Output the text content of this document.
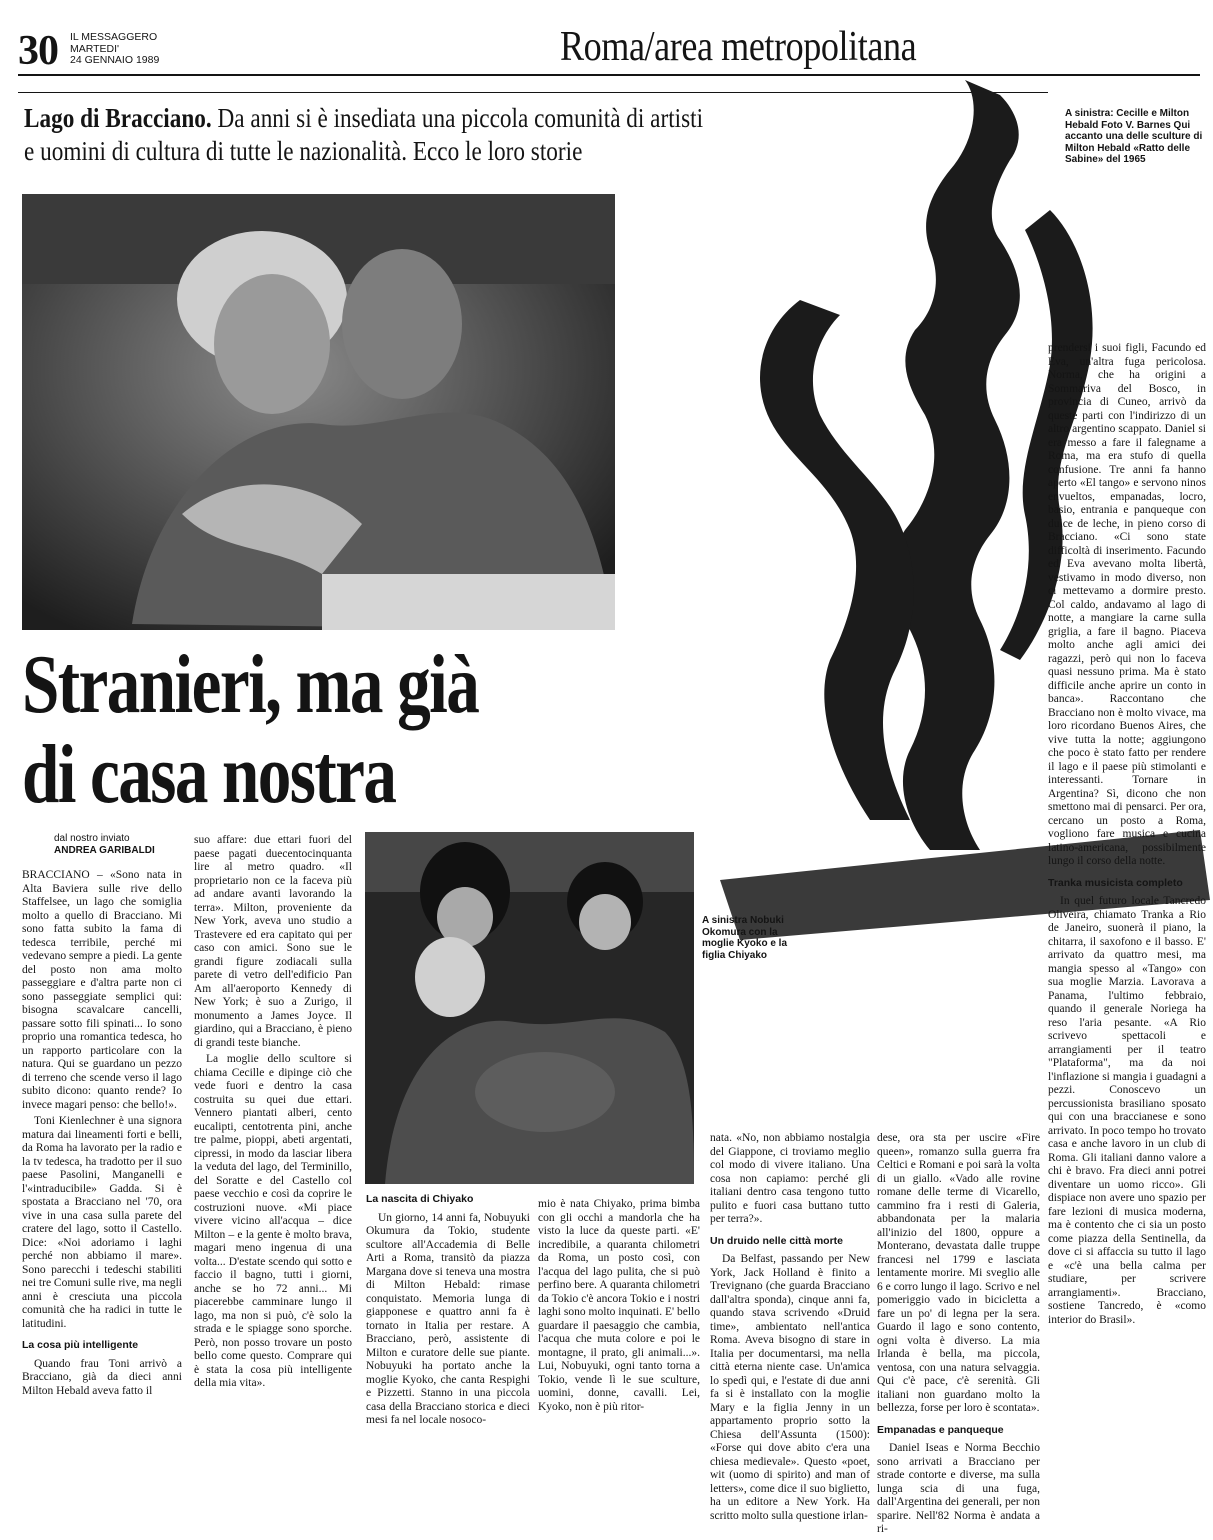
30 IL MESSAGGERO
MARTEDI'
24 GENNAIO 1989	Roma/area metropolitana
Lago di Bracciano. Da anni si è insediata una piccola comunità di artisti e uomini di cultura di tutte le nazionalità. Ecco le loro storie
A sinistra: Cecille e Milton Hebald Foto V. Barnes Qui accanto una delle sculture di Milton Hebald «Ratto delle Sabine» del 1965
Stranieri, ma già
di casa nostra
dal nostro inviato
ANDREA GARIBALDI
A sinistra Nobuki Okomura con la moglie Kyoko e la figlia Chiyako

BRACCIANO – «Sono nata in Alta Baviera sulle rive dello Staffelsee, un lago che somiglia molto a quello di Bracciano. Mi sono fatta subito la fama di tedesca terribile, perché mi vedevano sempre a piedi. La gente del posto non ama molto passeggiare e d'altra parte non ci sono passeggiate semplici qui: bisogna scavalcare cancelli, passare sotto fili spinati... Io sono proprio una romantica tedesca, ho un rapporto particolare con la natura. Qui se guardano un pezzo di terreno che scende verso il lago subito dicono: quanto rende? Io invece magari penso: che bello!».

Toni Kienlechner è una signora matura dai lineamenti forti e belli, da Roma ha lavorato per la radio e la tv tedesca, ha tradotto per il suo paese Pasolini, Manganelli e l'«intraducibile» Gadda. Si è spostata a Bracciano nel '70, ora vive in una casa sulla parete del cratere del lago, sotto il Castello. Dice: «Noi adoriamo i laghi perché non abbiamo il mare». Sono parecchi i tedeschi stabiliti nei tre Comuni sulle rive, ma negli anni è cresciuta una piccola comunità che ha radici in tutte le latitudini.

La cosa più intelligente

Quando frau Toni arrivò a Bracciano, già da dieci anni Milton Hebald aveva fatto il

suo affare: due ettari fuori del paese pagati duecentocinquanta lire al metro quadro. «Il proprietario non ce la faceva più ad andare avanti lavorando la terra». Milton, proveniente da New York, aveva uno studio a Trastevere ed era capitato qui per caso con amici. Sono sue le grandi figure zodiacali sulla parete di vetro dell'edificio Pan Am all'aeroporto Kennedy di New York; è suo a Zurigo, il monumento a James Joyce. Il giardino, qui a Bracciano, è pieno di grandi teste bianche.

La moglie dello scultore si chiama Cecille e dipinge ciò che vede fuori e dentro la casa costruita su quei due ettari. Vennero piantati alberi, cento eucalipti, centotrenta pini, anche tre palme, pioppi, abeti argentati, cipressi, in modo da lasciar libera la veduta del lago, del Terminillo, del Soratte e del Castello col paese vecchio e così da coprire le costruzioni nuove. «Mi piace vivere vicino all'acqua – dice Milton – e la gente è molto brava, magari meno ingenua di una volta... D'estate scendo qui sotto e faccio il bagno, tutti i giorni, anche se ho 72 anni... Mi piacerebbe camminare lungo il lago, ma non si può, c'è solo la strada e le spiagge sono sporche. Però, non posso trovare un posto bello come questo. Comprare qui è stata la cosa più intelligente della mia vita».

La nascita di Chiyako

Un giorno, 14 anni fa, Nobuyuki Okumura da Tokio, studente scultore all'Accademia di Belle Arti a Roma, transitò da piazza Margana dove si teneva una mostra di Milton Hebald: rimase conquistato. Memoria lunga di giapponese e quattro anni fa è tornato in Italia per restare. A Bracciano, però, assistente di Milton e curatore delle sue piante. Nobuyuki ha portato anche la moglie Kyoko, che canta Respighi e Pizzetti. Stanno in una piccola casa della Bracciano storica e dieci mesi fa nel locale nosoco-

mio è nata Chiyako, prima bimba con gli occhi a mandorla che ha visto la luce da queste parti. «E' incredibile, a quaranta chilometri da Roma, un posto così, con l'acqua del lago pulita, che si può perfino bere. A quaranta chilometri da Tokio c'è ancora Tokio e i nostri laghi sono molto inquinati. E' bello guardare il paesaggio che cambia, l'acqua che muta colore e poi le montagne, il prato, gli animali...». Lui, Nobuyuki, ogni tanto torna a Tokio, vende lì le sue sculture, uomini, donne, cavalli. Lei, Kyoko, non è più ritor-

nata. «No, non abbiamo nostalgia del Giappone, ci troviamo meglio col modo di vivere italiano. Una cosa non capiamo: perché gli italiani dentro casa tengono tutto pulito e fuori casa buttano tutto per terra?».

Un druido nelle città morte

Da Belfast, passando per New York, Jack Holland è finito a Trevignano (che guarda Bracciano dall'altra sponda), cinque anni fa, quando stava scrivendo «Druid time», ambientato nell'antica Roma. Aveva bisogno di stare in Italia per documentarsi, ma nella città eterna niente case. Un'amica lo spedì qui, e l'estate di due anni fa si è installato con la moglie Mary e la figlia Jenny in un appartamento proprio sotto la Chiesa dell'Assunta (1500): «Forse qui dove abito c'era una chiesa medievale». Questo «poet, wit (uomo di spirito) and man of letters», come dice il suo biglietto, ha un editore a New York. Ha scritto molto sulla questione irlan-

dese, ora sta per uscire «Fire queen», romanzo sulla guerra fra Celtici e Romani e poi sarà la volta di un giallo. «Vado alle rovine romane delle terme di Vicarello, cammino fra i resti di Galeria, abbandonata per la malaria all'inizio del 1800, oppure a Monterano, devastata dalle truppe francesi nel 1799 e lasciata lentamente morire. Mi sveglio alle 6 e corro lungo il lago. Scrivo e nel pomeriggio vado in bicicletta a fare un po' di legna per la sera. Guardo il lago e sono contento, ogni volta è diverso. La mia Irlanda è bella, ma piccola, ventosa, con una natura selvaggia. Qui c'è pace, c'è serenità. Gli italiani non guardano molto la bellezza, forse per loro è scontata».

Empanadas e panqueque

Daniel Iseas e Norma Becchio sono arrivati a Bracciano per strade contorte e diverse, ma sulla lunga scia di una fuga, dall'Argentina dei generali, per non sparire. Nell'82 Norma è andata a ri-

prendersi i suoi figli, Facundo ed Eva, un'altra fuga pericolosa. Norma, che ha origini a Sommariva del Bosco, in provincia di Cuneo, arrivò da queste parti con l'indirizzo di un altro argentino scappato. Daniel si era messo a fare il falegname a Roma, ma era stufo di quella confusione. Tre anni fa hanno aperto «El tango» e servono ninos envueltos, empanadas, locro, basio, entrania e panqueque con dulce de leche, in pieno corso di Bracciano. «Ci sono state difficoltà di inserimento. Facundo ed Eva avevano molta libertà, vestivamo in modo diverso, non ci mettevamo a dormire presto. Col caldo, andavamo al lago di notte, a mangiare la carne sulla griglia, a fare il bagno. Piaceva molto anche agli amici dei ragazzi, però qui non lo faceva quasi nessuno prima. Ma è stato difficile anche aprire un conto in banca». Raccontano che Bracciano non è molto vivace, ma loro ricordano Buenos Aires, che vive tutta la notte; aggiungono che poco è stato fatto per rendere il lago e il paese più stimolanti e interessanti. Tornare in Argentina? Sì, dicono che non smettono mai di pensarci. Per ora, cercano un posto a Roma, vogliono fare musica e cucina latino-americana, possibilmente lungo il corso della notte.

Tranka musicista completo

In quel futuro locale Tancredo Oliveira, chiamato Tranka a Rio de Janeiro, suonerà il piano, la chitarra, il saxofono e il basso. E' arrivato da quattro mesi, ma mangia spesso al «Tango» con sua moglie Marzia. Lavorava a Panama, l'ultimo febbraio, quando il generale Noriega ha reso l'aria pesante. «A Rio scrivevo spettacoli e arrangiamenti per il teatro "Plataforma", ma da noi l'inflazione si mangia i guadagni a pezzi. Conoscevo un percussionista brasiliano sposato qui con una braccianese e sono arrivato. In poco tempo ho trovato casa e anche lavoro in un club di Roma. Gli italiani danno valore a chi è bravo. Fra dieci anni potrei diventare un uomo ricco». Gli dispiace non avere uno spazio per fare lezioni di musica moderna, ma è contento che ci sia un posto come piazza della Sentinella, da dove ci si affaccia su tutto il lago e «c'è una bella calma per studiare, per scrivere arrangiamenti». Bracciano, sostiene Tancredo, è «como interior do Brasil».
